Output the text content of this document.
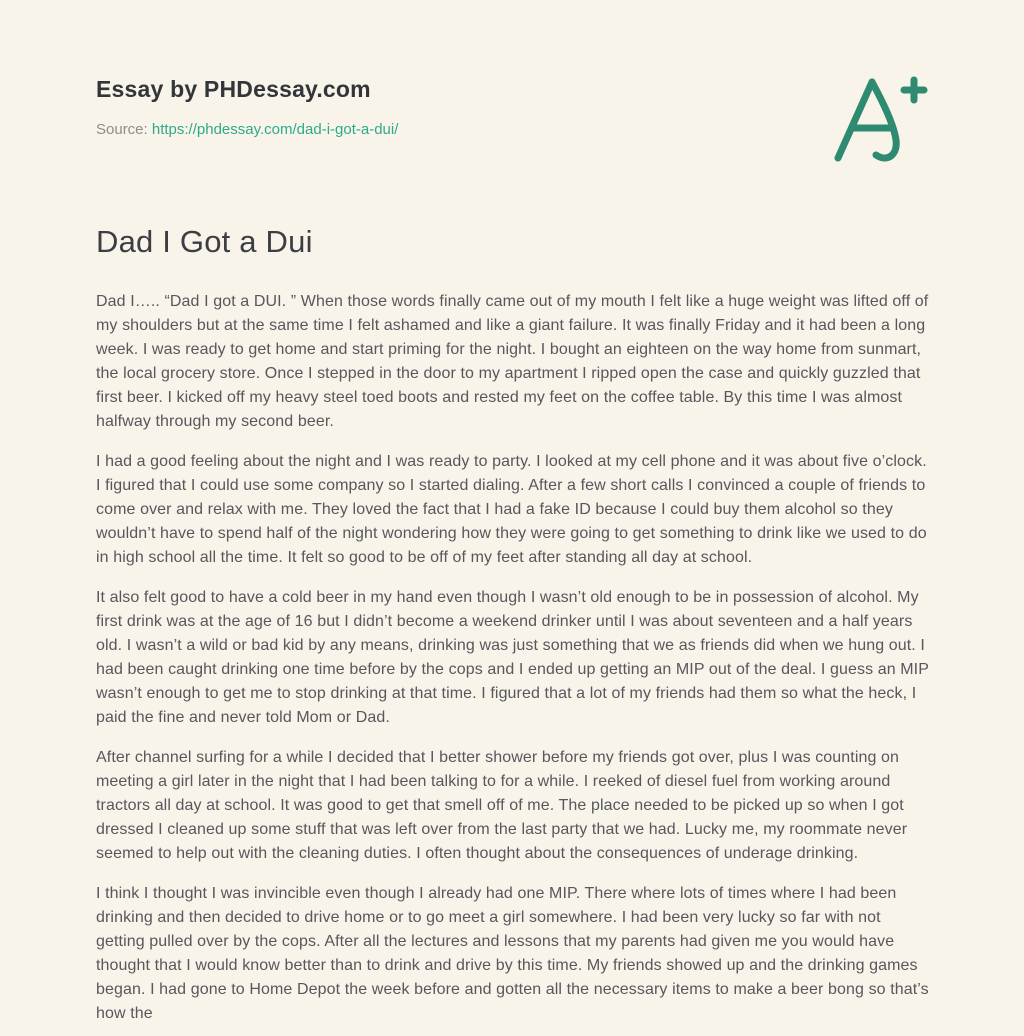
Essay by PHDessay.com
Source: https://phdessay.com/dad-i-got-a-dui/
Dad I Got a Dui

Dad I….. “Dad I got a DUI. ” When those words finally came out of my mouth I felt like a huge weight was lifted off of my shoulders but at the same time I felt ashamed and like a giant failure. It was finally Friday and it had been a long week. I was ready to get home and start priming for the night. I bought an eighteen on the way home from sunmart, the local grocery store. Once I stepped in the door to my apartment I ripped open the case and quickly guzzled that first beer. I kicked off my heavy steel toed boots and rested my feet on the coffee table. By this time I was almost halfway through my second beer.

I had a good feeling about the night and I was ready to party. I looked at my cell phone and it was about five o’clock. I figured that I could use some company so I started dialing. After a few short calls I convinced a couple of friends to come over and relax with me. They loved the fact that I had a fake ID because I could buy them alcohol so they wouldn’t have to spend half of the night wondering how they were going to get something to drink like we used to do in high school all the time. It felt so good to be off of my feet after standing all day at school.

It also felt good to have a cold beer in my hand even though I wasn’t old enough to be in possession of alcohol. My first drink was at the age of 16 but I didn’t become a weekend drinker until I was about seventeen and a half years old. I wasn’t a wild or bad kid by any means, drinking was just something that we as friends did when we hung out. I had been caught drinking one time before by the cops and I ended up getting an MIP out of the deal. I guess an MIP wasn’t enough to get me to stop drinking at that time. I figured that a lot of my friends had them so what the heck, I paid the fine and never told Mom or Dad.

After channel surfing for a while I decided that I better shower before my friends got over, plus I was counting on meeting a girl later in the night that I had been talking to for a while. I reeked of diesel fuel from working around tractors all day at school. It was good to get that smell off of me. The place needed to be picked up so when I got dressed I cleaned up some stuff that was left over from the last party that we had. Lucky me, my roommate never seemed to help out with the cleaning duties. I often thought about the consequences of underage drinking.

I think I thought I was invincible even though I already had one MIP. There where lots of times where I had been drinking and then decided to drive home or to go meet a girl somewhere. I had been very lucky so far with not getting pulled over by the cops. After all the lectures and lessons that my parents had given me you would have thought that I would know better than to drink and drive by this time. My friends showed up and the drinking games began. I had gone to Home Depot the week before and gotten all the necessary items to make a beer bong so that’s how the
